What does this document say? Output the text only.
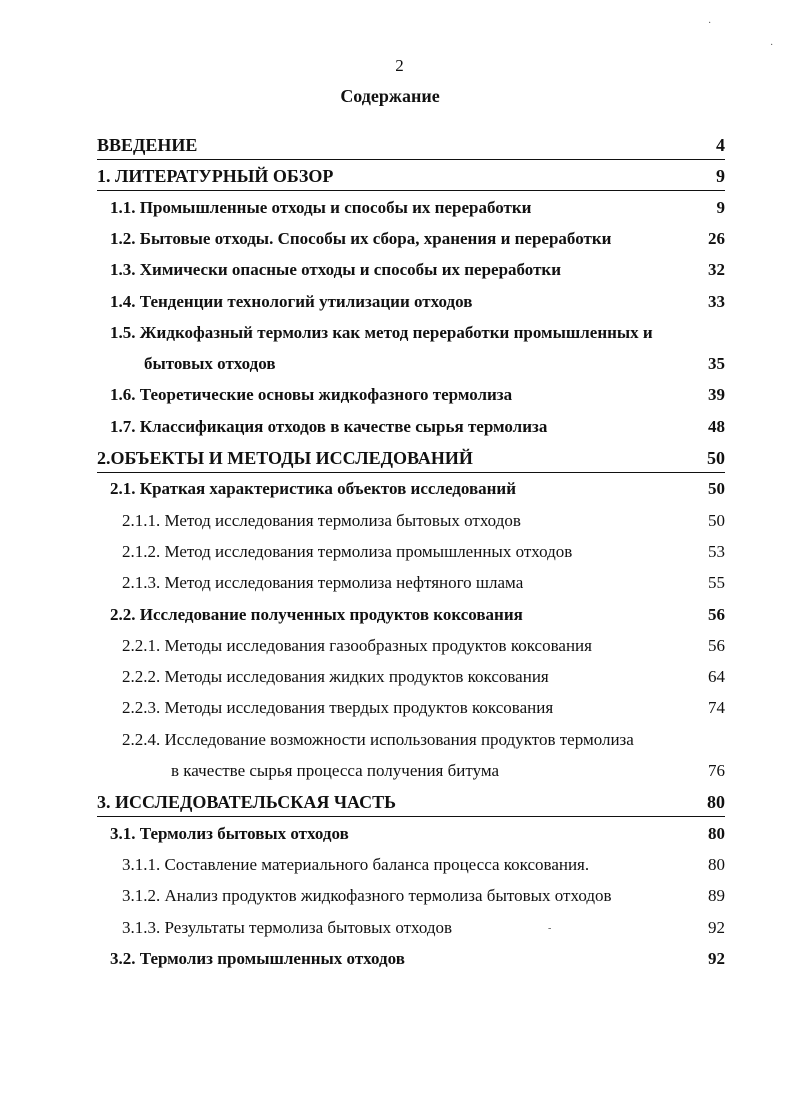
2
Содержание
ВВЕДЕНИЕ	4
1. ЛИТЕРАТУРНЫЙ ОБЗОР	9
1.1. Промышленные отходы и способы их переработки	9
1.2. Бытовые отходы. Способы их сбора, хранения и переработки	26
1.3. Химически опасные отходы и способы их переработки	32
1.4. Тенденции технологий утилизации отходов	33
1.5. Жидкофазный термолиз как метод переработки промышленных и
бытовых отходов	35
1.6. Теоретические основы жидкофазного термолиза	39
1.7. Классификация отходов в качестве сырья термолиза	48
2.ОБЪЕКТЫ И МЕТОДЫ ИССЛЕДОВАНИЙ	50
2.1. Краткая характеристика объектов исследований	50
2.1.1. Метод исследования термолиза бытовых отходов	50
2.1.2. Метод исследования термолиза промышленных отходов	53
2.1.3. Метод исследования термолиза нефтяного шлама	55
2.2. Исследование полученных продуктов коксования	56
2.2.1. Методы исследования газообразных продуктов коксования	56
2.2.2. Методы исследования жидких продуктов коксования	64
2.2.3. Методы исследования твердых продуктов коксования	74
2.2.4. Исследование возможности использования продуктов термолиза
в качестве сырья процесса получения битума	76
3. ИССЛЕДОВАТЕЛЬСКАЯ ЧАСТЬ	80
3.1. Термолиз бытовых отходов	80
3.1.1. Составление материального баланса процесса коксования.	80
3.1.2. Анализ продуктов жидкофазного термолиза бытовых отходов	89
3.1.3. Результаты термолиза бытовых отходов	92
3.2. Термолиз промышленных отходов	92
·
·
-
